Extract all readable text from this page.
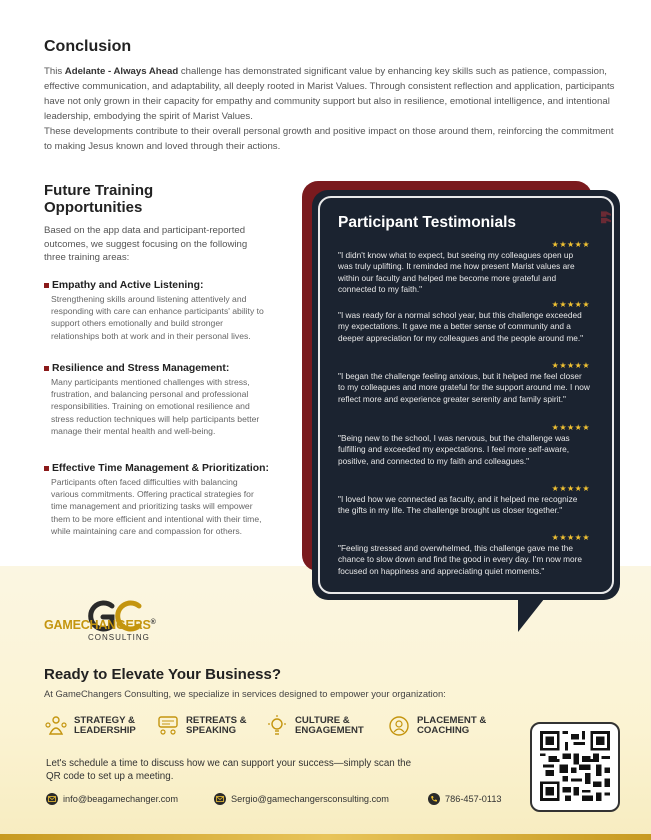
Conclusion
This Adelante - Always Ahead challenge has demonstrated significant value by enhancing key skills such as patience, compassion, effective communication, and adaptability, all deeply rooted in Marist Values. Through consistent reflection and application, participants have not only grown in their capacity for empathy and community support but also in resilience, emotional intelligence, and intentional leadership, embodying the spirit of Marist Values.
These developments contribute to their overall personal growth and positive impact on those around them, reinforcing the commitment to making Jesus known and loved through their actions.
Future Training Opportunities
Based on the app data and participant-reported outcomes, we suggest focusing on the following three training areas:
Empathy and Active Listening:
Strengthening skills around listening attentively and responding with care can enhance participants' ability to support others emotionally and build stronger relationships both at work and in their personal lives.
Resilience and Stress Management:
Many participants mentioned challenges with stress, frustration, and balancing personal and professional responsibilities. Training on emotional resilience and stress reduction techniques will help participants better manage their mental health and well-being.
Effective Time Management & Prioritization:
Participants often faced difficulties with balancing various commitments. Offering practical strategies for time management and prioritizing tasks will empower them to be more efficient and intentional with their time, while maintaining care and compassion for others.
❝
Participant Testimonials
★★★★★
"I didn't know what to expect, but seeing my colleagues open up was truly uplifting. It reminded me how present Marist values are within our faculty and helped me become more grateful and connected to my faith."
★★★★★
"I was ready for a normal school year, but this challenge exceeded my expectations. It gave me a better sense of community and a deeper appreciation for my colleagues and the people around me."
★★★★★
"I began the challenge feeling anxious, but it helped me feel closer to my colleagues and more grateful for the support around me. I now reflect more and experience greater serenity and family spirit."
★★★★★
"Being new to the school, I was nervous, but the challenge was fulfilling and exceeded my expectations. I feel more self-aware, positive, and connected to my faith and colleagues."
★★★★★
"I loved how we connected as faculty, and it helped me recognize the gifts in my life. The challenge brought us closer together."
★★★★★
"Feeling stressed and overwhelmed, this challenge gave me the chance to slow down and find the good in every day. I'm now more focused on happiness and appreciating quiet moments."
GAMECHANGERS®
CONSULTING
Ready to Elevate Your Business?
At GameChangers Consulting, we specialize in services designed to empower your organization:
STRATEGY &
LEADERSHIP
RETREATS &
SPEAKING
CULTURE &
ENGAGEMENT
PLACEMENT &
COACHING
Let's schedule a time to discuss how we can support your success—simply scan the QR code to set up a meeting.
info@beagamechanger.com	Sergio@gamechangersconsulting.com	786-457-0113
